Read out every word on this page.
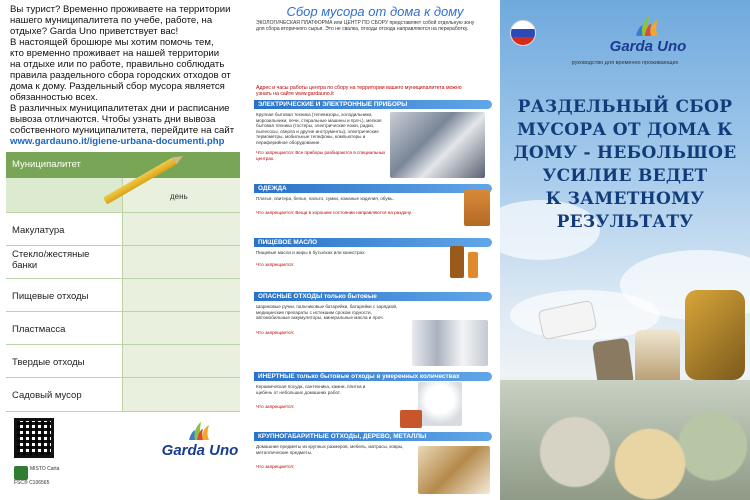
Вы турист? Временно проживаете на территории

нашего муниципалитета по учебе, работе, на

отдыхе? Garda Uno приветствует вас!

В настоящей брошюре мы хотим помочь тем,

кто временно проживает на нашей территории

на отдыхе или по работе, правильно соблюдать

правила раздельного сбора городских отходов от

дома к дому. Раздельный сбор мусора является

обязанностью всех.

В различных муниципалитетах дни и расписание

вывоза отличаются. Чтобы узнать дни вывоза

собственного муниципалитета, перейдите на сайт

www.gardauno.it/igiene-urbana-documenti.php

Муниципалитет
день
Макулатура
Стекло/жестяные банки
Пищевые отходы
Пластмасса
Твердые отходы
Садовый мусор
Garda Uno
MISTO Carta FSC® C106565
Сбор мусора от дома к дому
ЭКОЛОГИЧЕСКАЯ ПЛАТФОРМА или ЦЕНТР ПО СБОРУ представляет собой отдельную зону для сбора вторичного сырья. Это не свалка, отходы отсюда направляются на переработку.
Адрес и часы работы центра по сбору на территории вашего муниципалитета можно узнать на сайте www.gardauno.it
ЭЛЕКТРИЧЕСКИЕ И ЭЛЕКТРОННЫЕ ПРИБОРЫ
Крупная бытовая техника (телевизоры, холодильники, морозильники, печи, стиральные машины и проч.), мелкая бытовая техника (тостеры, электрические ножи, радио, пылесосы, сверла и другие инструменты), электрические термометры, мобильные телефоны, компьютеры и периферийное оборудование.
Что запрещается: Все приборы разбираются в специальных центрах.
ОДЕЖДА
Платья, свитера, белье, пальто, сумки, кожаные изделия, обувь.
Что запрещается: Вещи в хорошем состоянии направляются на раздачу.
ПИЩЕВОЕ МАСЛО
Пищевые масла и жиры в бутылках или канистрах.
Что запрещается:
ОПАСНЫЕ ОТХОДЫ только бытовые
Шариковые ручки, пальчиковые батарейки, батарейки с зарядкой, медицинские препараты с истекшим сроком годности, автомобильные аккумуляторы, минеральные масла и проч.
Что запрещается:
ИНЕРТНЫЕ только бытовые отходы в умеренных количествах
Керамическая посуда, сантехника, камни, плитка и щебень от небольших домашних работ.
Что запрещается:
КРУПНОГАБАРИТНЫЕ ОТХОДЫ, ДЕРЕВО, МЕТАЛЛЫ
Домашние предметы из крупных размеров, мебель, матрасы, ковры, металлические предметы.
Что запрещается:
Garda Uno
руководство для временно проживающих
РАЗДЕЛЬНЫЙ СБОР
МУСОРА ОТ ДОМА К
ДОМУ - НЕБОЛЬШОЕ
УСИЛИЕ ВЕДЕТ
К ЗАМЕТНОМУ
РЕЗУЛЬТАТУ
